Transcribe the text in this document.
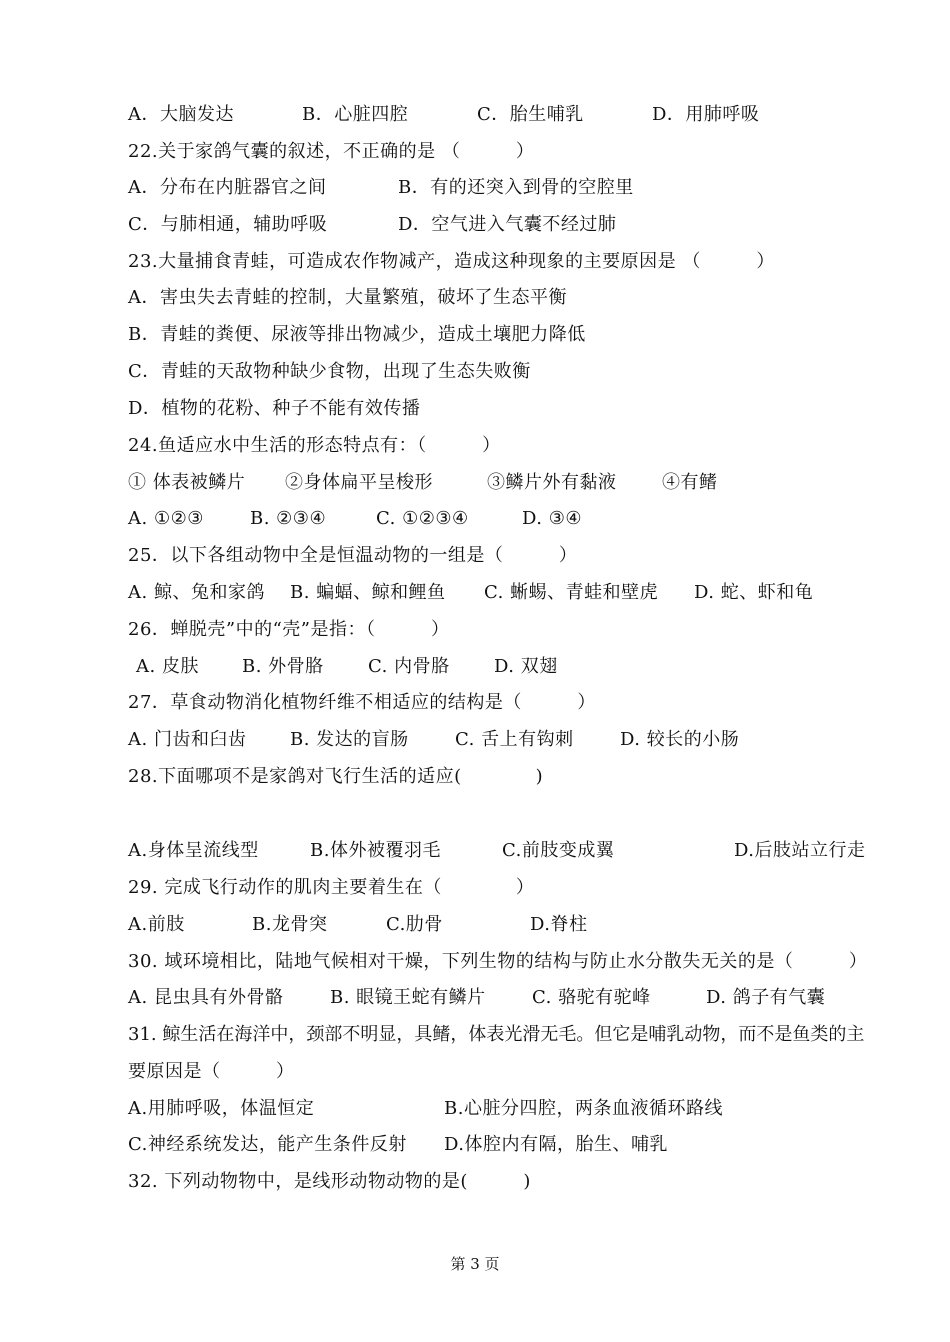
A．大脑发达	B．心脏四腔	C．胎生哺乳	D．用肺呼吸
22.关于家鸽气囊的叙述，不正确的是 （　　　）
A．分布在内脏器官之间	B．有的还突入到骨的空腔里
C．与肺相通，辅助呼吸	D．空气进入气囊不经过肺
23.大量捕食青蛙，可造成农作物减产，造成这种现象的主要原因是 （　　　）
A．害虫失去青蛙的控制，大量繁殖，破坏了生态平衡
B．青蛙的粪便、尿液等排出物减少，造成土壤肥力降低
C．青蛙的天敌物种缺少食物，出现了生态失败衡
D．植物的花粉、种子不能有效传播
24.鱼适应水中生活的形态特点有：（　　　）
① 体表被鳞片 ②身体扁平呈梭形	③鳞片外有黏液	④有鳍
A. ①②③	B. ②③④	C. ①②③④	D. ③④
25．以下各组动物中全是恒温动物的一组是（　　　）
A. 鲸、兔和家鸽 B. 蝙蝠、鲸和鲤鱼 C. 蜥蜴、青蛙和壁虎 D. 蛇、虾和龟
26．蝉脱壳”中的“壳”是指：（　　　）
A. 皮肤 B. 外骨胳 C. 内骨胳 D. 双翅
27．草食动物消化植物纤维不相适应的结构是（　　　）
A. 门齿和臼齿 B. 发达的盲肠	C. 舌上有钩刺	D. 较长的小肠
28.下面哪项不是家鸽对飞行生活的适应(　　　　)
A.身体呈流线型	B.体外被覆羽毛	C.前肢变成翼	D.后肢站立行走
29. 完成飞行动作的肌肉主要着生在（　　　　）
A.前肢	B.龙骨突	C.肋骨	D.脊柱
30. 域环境相比，陆地气候相对干燥，下列生物的结构与防止水分散失无关的是（　　　）
A. 昆虫具有外骨骼	B. 眼镜王蛇有鳞片	C. 骆驼有驼峰	D. 鸽子有气囊
31. 鲸生活在海洋中，颈部不明显，具鳍，体表光滑无毛。但它是哺乳动物，而不是鱼类的主
要原因是（　　　）
A.用肺呼吸，体温恒定	B.心脏分四腔，两条血液循环路线
C.神经系统发达，能产生条件反射 D.体腔内有隔，胎生、哺乳
32. 下列动物物中，是线形动物动物的是(　　　)
第 3 页
